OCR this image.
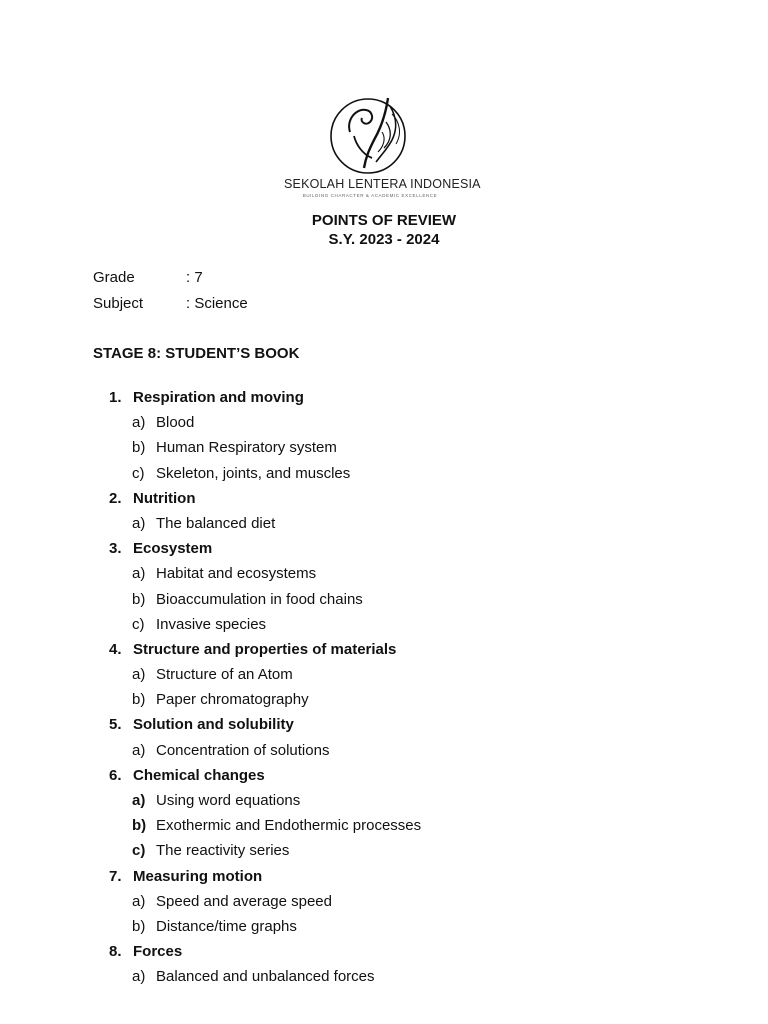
SEKOLAH LENTERA INDONESIA
BUILDING CHARACTER & ACADEMIC EXCELLENCE
POINTS OF REVIEW
S.Y. 2023 - 2024
Grade	: 7
Subject	: Science
STAGE 8: STUDENT’S BOOK
1. Respiration and moving
a) Blood
b) Human Respiratory system
c) Skeleton, joints, and muscles
2. Nutrition
a) The balanced diet
3. Ecosystem
a) Habitat and ecosystems
b) Bioaccumulation in food chains
c) Invasive species
4. Structure and properties of materials
a) Structure of an Atom
b) Paper chromatography
5. Solution and solubility
a) Concentration of solutions
6. Chemical changes
a) Using word equations
b) Exothermic and Endothermic processes
c) The reactivity series
7. Measuring motion
a) Speed and average speed
b) Distance/time graphs
8. Forces
a) Balanced and unbalanced forces
